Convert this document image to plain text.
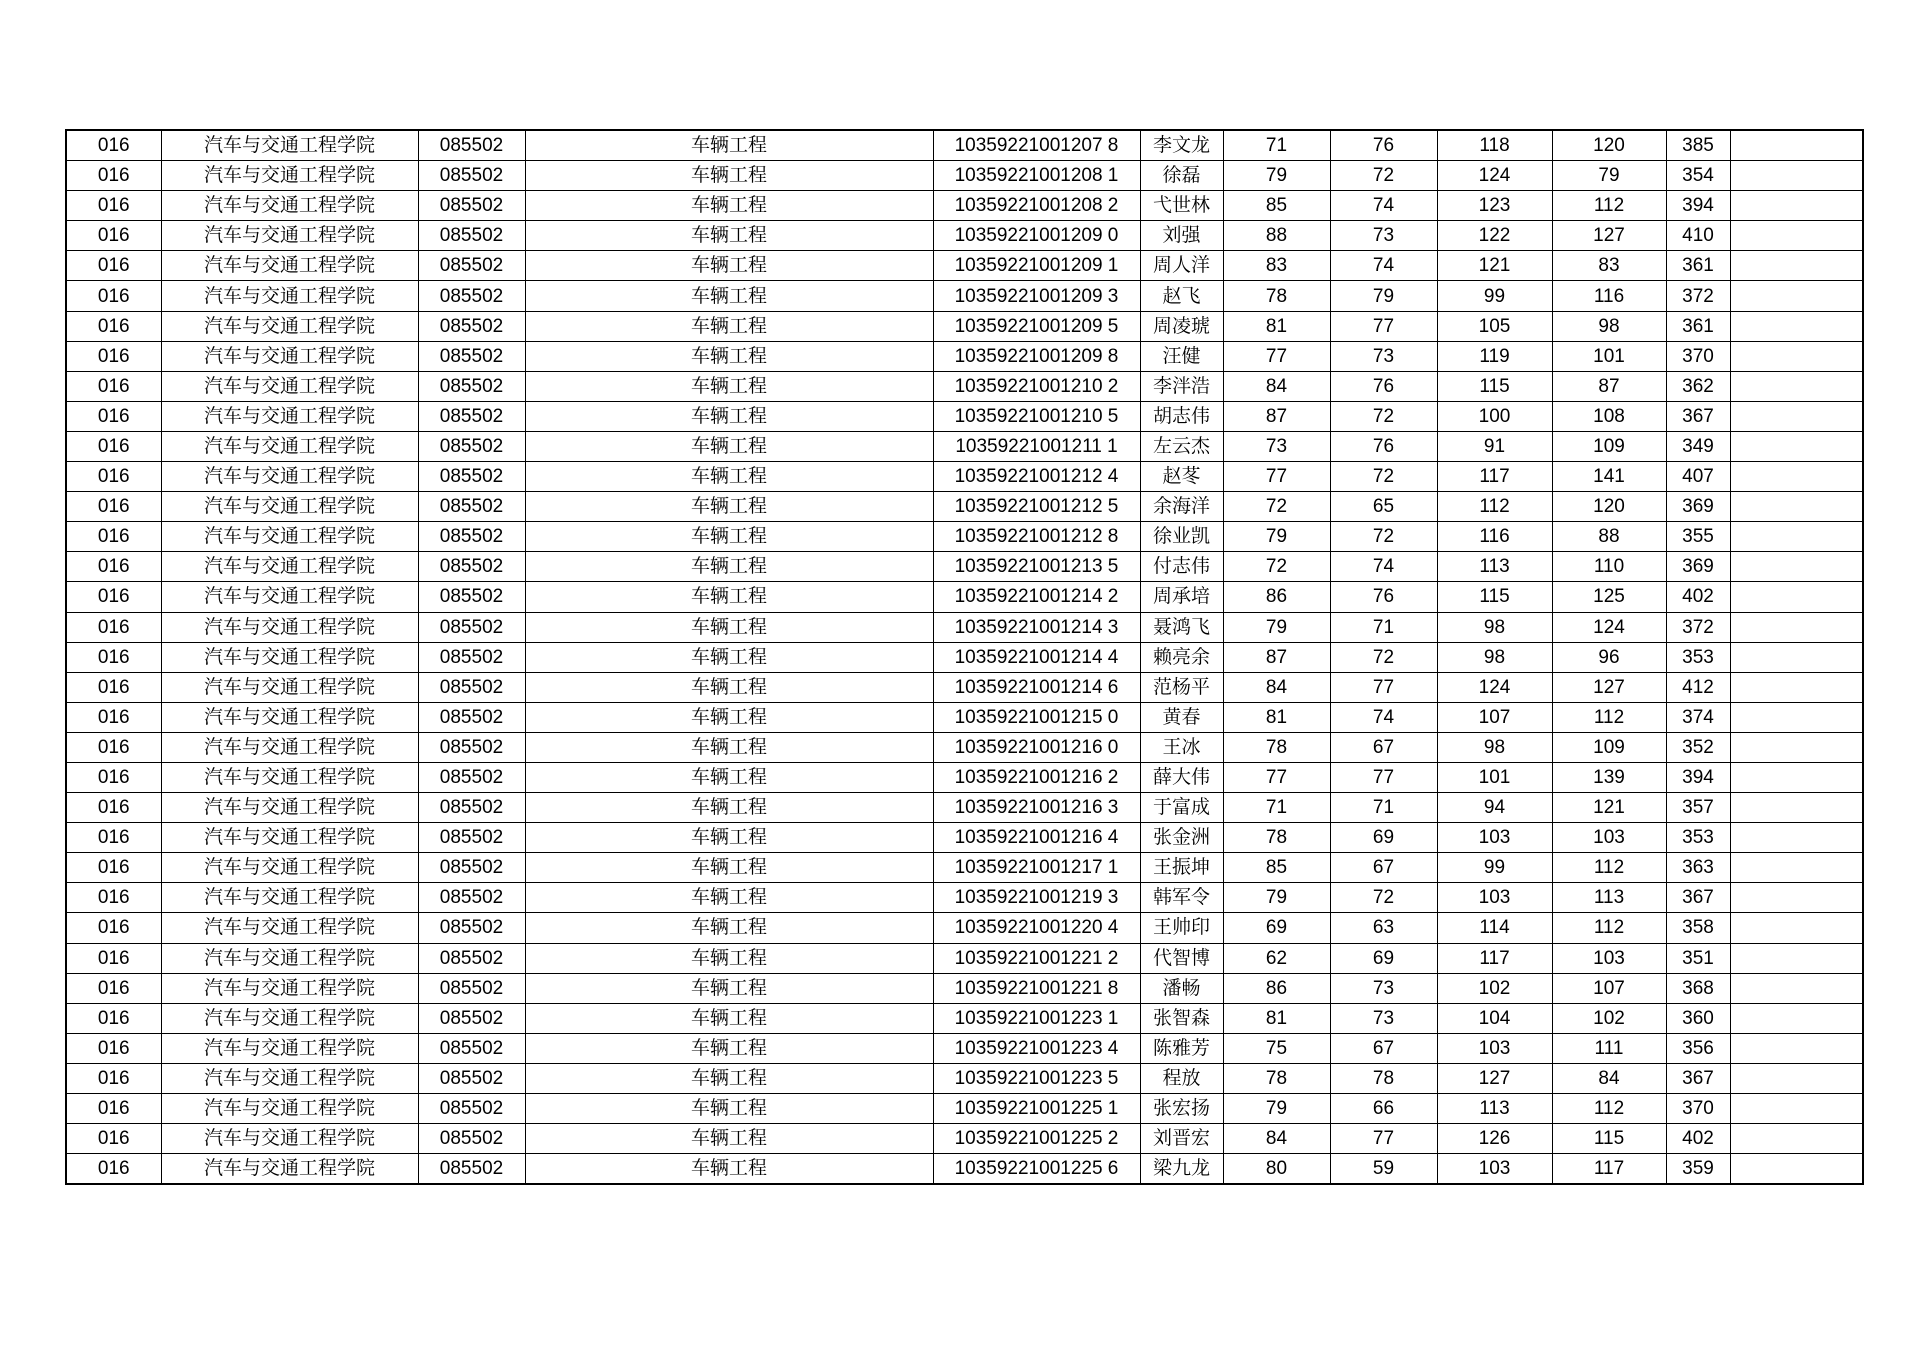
016	汽车与交通工程学院	085502	车辆工程	10359221001207 8	李文龙	71	76	118	120	385	
016	汽车与交通工程学院	085502	车辆工程	10359221001208 1	徐磊	79	72	124	79	354	
016	汽车与交通工程学院	085502	车辆工程	10359221001208 2	弋世林	85	74	123	112	394	
016	汽车与交通工程学院	085502	车辆工程	10359221001209 0	刘强	88	73	122	127	410	
016	汽车与交通工程学院	085502	车辆工程	10359221001209 1	周人洋	83	74	121	83	361	
016	汽车与交通工程学院	085502	车辆工程	10359221001209 3	赵飞	78	79	99	116	372	
016	汽车与交通工程学院	085502	车辆工程	10359221001209 5	周凌琥	81	77	105	98	361	
016	汽车与交通工程学院	085502	车辆工程	10359221001209 8	汪健	77	73	119	101	370	
016	汽车与交通工程学院	085502	车辆工程	10359221001210 2	李泮浩	84	76	115	87	362	
016	汽车与交通工程学院	085502	车辆工程	10359221001210 5	胡志伟	87	72	100	108	367	
016	汽车与交通工程学院	085502	车辆工程	10359221001211 1	左云杰	73	76	91	109	349	
016	汽车与交通工程学院	085502	车辆工程	10359221001212 4	赵苳	77	72	117	141	407	
016	汽车与交通工程学院	085502	车辆工程	10359221001212 5	余海洋	72	65	112	120	369	
016	汽车与交通工程学院	085502	车辆工程	10359221001212 8	徐业凯	79	72	116	88	355	
016	汽车与交通工程学院	085502	车辆工程	10359221001213 5	付志伟	72	74	113	110	369	
016	汽车与交通工程学院	085502	车辆工程	10359221001214 2	周承培	86	76	115	125	402	
016	汽车与交通工程学院	085502	车辆工程	10359221001214 3	聂鸿飞	79	71	98	124	372	
016	汽车与交通工程学院	085502	车辆工程	10359221001214 4	赖亮余	87	72	98	96	353	
016	汽车与交通工程学院	085502	车辆工程	10359221001214 6	范杨平	84	77	124	127	412	
016	汽车与交通工程学院	085502	车辆工程	10359221001215 0	黄春	81	74	107	112	374	
016	汽车与交通工程学院	085502	车辆工程	10359221001216 0	王冰	78	67	98	109	352	
016	汽车与交通工程学院	085502	车辆工程	10359221001216 2	薛大伟	77	77	101	139	394	
016	汽车与交通工程学院	085502	车辆工程	10359221001216 3	于富成	71	71	94	121	357	
016	汽车与交通工程学院	085502	车辆工程	10359221001216 4	张金洲	78	69	103	103	353	
016	汽车与交通工程学院	085502	车辆工程	10359221001217 1	王振坤	85	67	99	112	363	
016	汽车与交通工程学院	085502	车辆工程	10359221001219 3	韩军令	79	72	103	113	367	
016	汽车与交通工程学院	085502	车辆工程	10359221001220 4	王帅印	69	63	114	112	358	
016	汽车与交通工程学院	085502	车辆工程	10359221001221 2	代智博	62	69	117	103	351	
016	汽车与交通工程学院	085502	车辆工程	10359221001221 8	潘畅	86	73	102	107	368	
016	汽车与交通工程学院	085502	车辆工程	10359221001223 1	张智森	81	73	104	102	360	
016	汽车与交通工程学院	085502	车辆工程	10359221001223 4	陈雅芳	75	67	103	111	356	
016	汽车与交通工程学院	085502	车辆工程	10359221001223 5	程放	78	78	127	84	367	
016	汽车与交通工程学院	085502	车辆工程	10359221001225 1	张宏扬	79	66	113	112	370	
016	汽车与交通工程学院	085502	车辆工程	10359221001225 2	刘晋宏	84	77	126	115	402	
016	汽车与交通工程学院	085502	车辆工程	10359221001225 6	梁九龙	80	59	103	117	359	
